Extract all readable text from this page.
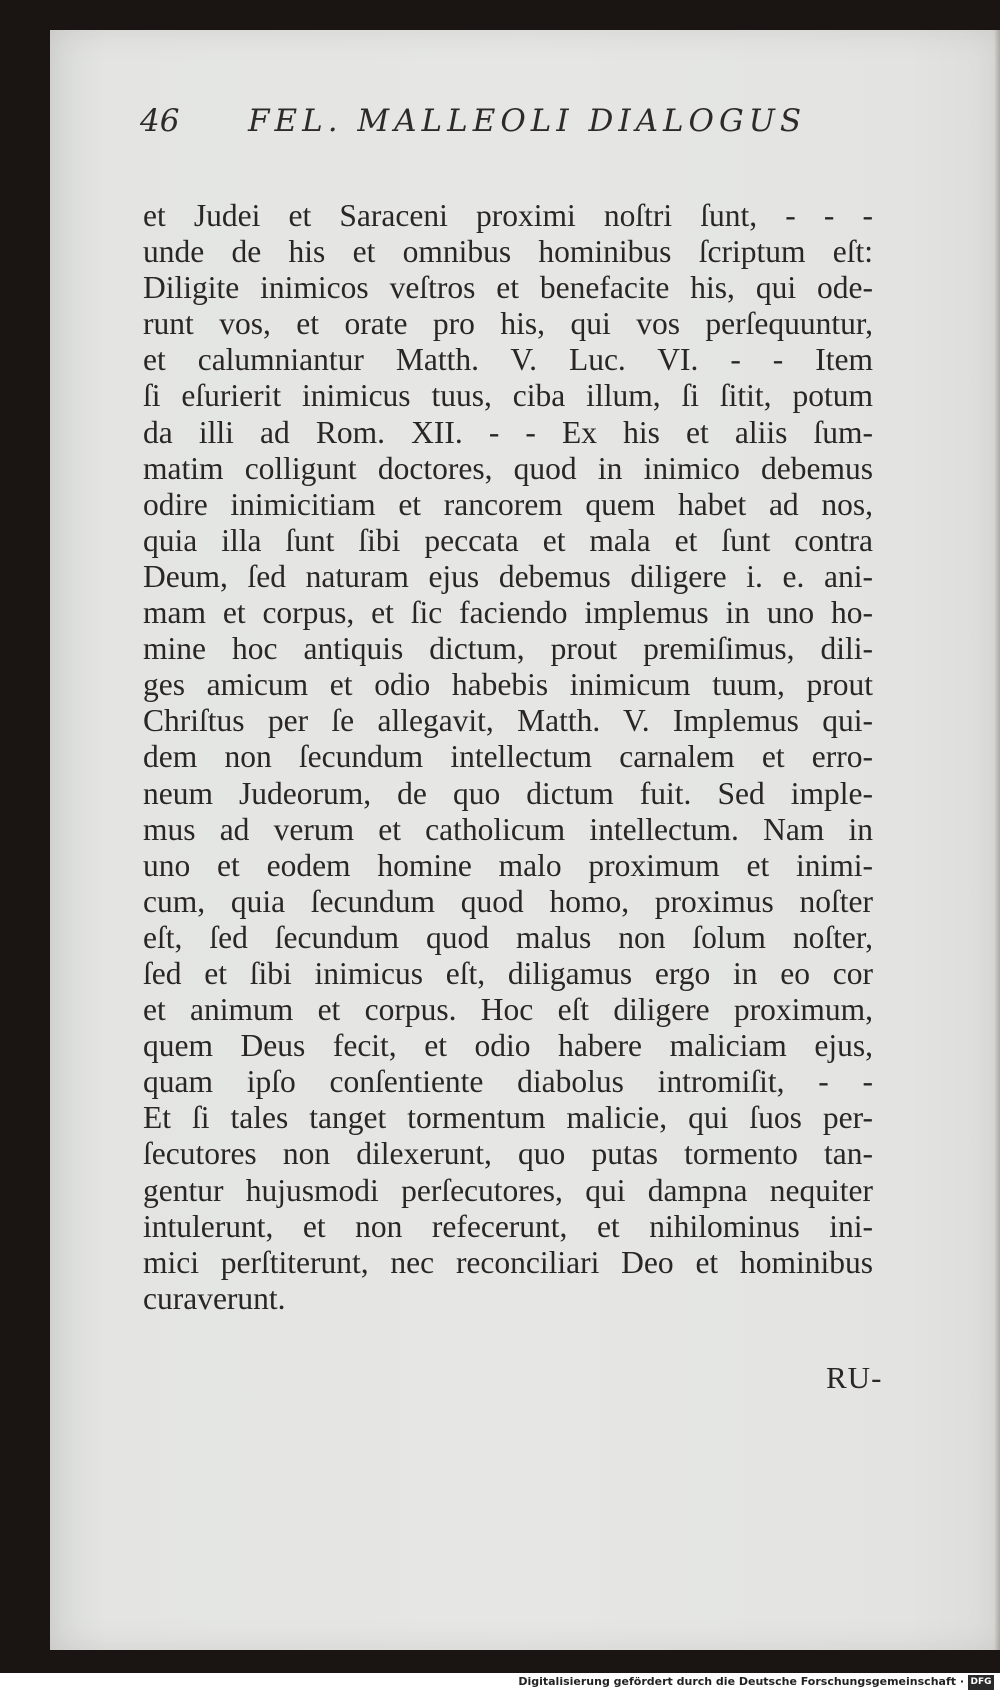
46 FEL. MALLEOLI DIALOGUS
et Judei et Saraceni proximi noſtri ſunt, - - -
unde de his et omnibus hominibus ſcriptum eſt:
Diligite inimicos veſtros et benefacite his, qui ode-
runt vos, et orate pro his, qui vos perſequuntur,
et calumniantur Matth. V. Luc. VI. - - Item
ſi eſurierit inimicus tuus, ciba illum, ſi ſitit, potum
da illi ad Rom. XII. - - Ex his et aliis ſum-
matim colligunt doctores, quod in inimico debemus
odire inimicitiam et rancorem quem habet ad nos,
quia illa ſunt ſibi peccata et mala et ſunt contra
Deum, ſed naturam ejus debemus diligere i. e. ani-
mam et corpus, et ſic faciendo implemus in uno ho-
mine hoc antiquis dictum, prout premiſimus, dili-
ges amicum et odio habebis inimicum tuum, prout
Chriſtus per ſe allegavit, Matth. V. Implemus qui-
dem non ſecundum intellectum carnalem et erro-
neum Judeorum, de quo dictum fuit. Sed imple-
mus ad verum et catholicum intellectum. Nam in
uno et eodem homine malo proximum et inimi-
cum, quia ſecundum quod homo, proximus noſter
eſt, ſed ſecundum quod malus non ſolum noſter,
ſed et ſibi inimicus eſt, diligamus ergo in eo cor
et animum et corpus. Hoc eſt diligere proximum,
quem Deus fecit, et odio habere maliciam ejus,
quam ipſo conſentiente diabolus intromiſit, - -
Et ſi tales tanget tormentum malicie, qui ſuos per-
ſecutores non dilexerunt, quo putas tormento tan-
gentur hujusmodi perſecutores, qui dampna nequiter
intulerunt, et non refecerunt, et nihilominus ini-
mici perſtiterunt, nec reconciliari Deo et hominibus
curaverunt.
RU-
Digitalisierung gefördert durch die Deutsche Forschungsgemeinschaft · DFG
